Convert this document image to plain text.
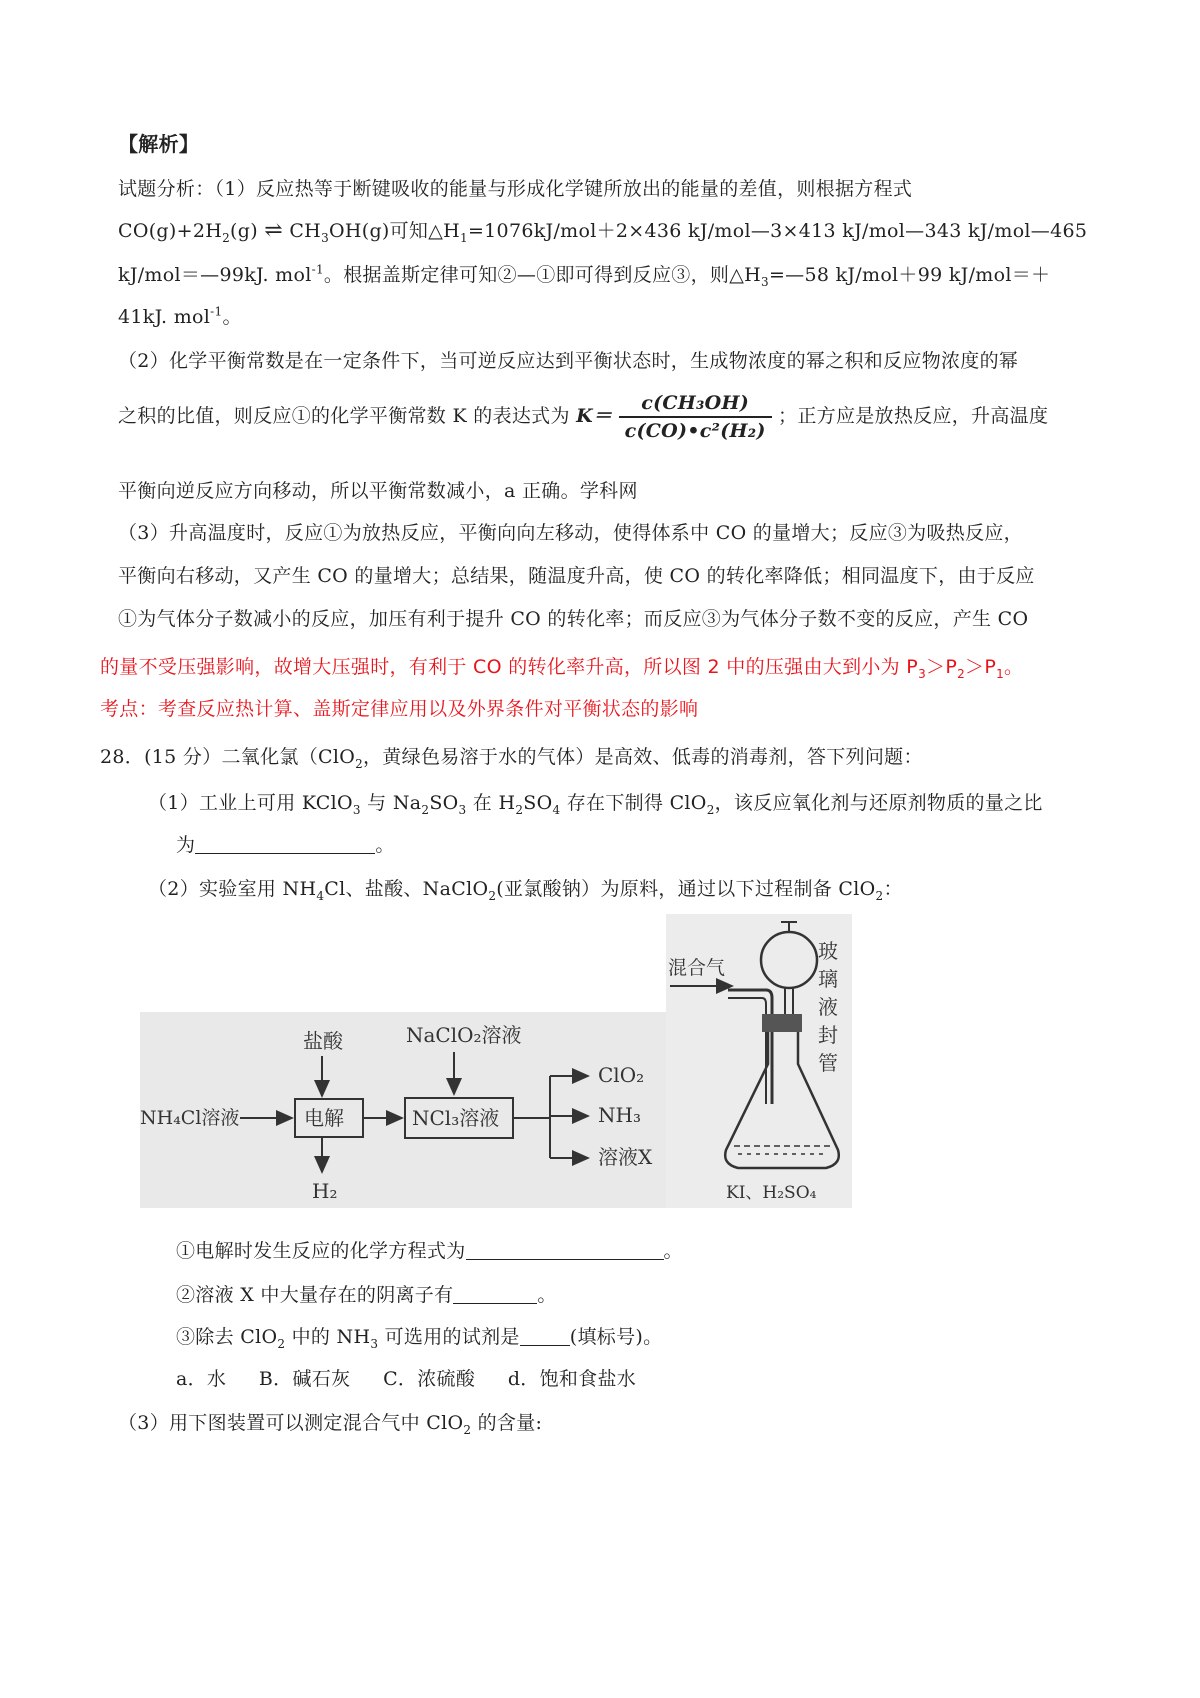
【解析】
试题分析：（1）反应热等于断键吸收的能量与形成化学键所放出的能量的差值，则根据方程式
$CO(g)+2H_2(g)$ ⇌ $CH_3OH(g)$可知$\triangle H_1=1076kJ/mol+2\times 436$ kJ/mol—3×413 kJ/mol—343 kJ/mol—465
kJ/mol＝—99kJ. mol$^{-1}$。根据盖斯定律可知②—①即可得到反应③，则$\triangle H_3=—58$ kJ/mol＋99 kJ/mol＝＋
41kJ. mol$^{-1}$。
（2）化学平衡常数是在一定条件下，当可逆反应达到平衡状态时，生成物浓度的幂之积和反应物浓度的幂
之积的比值，则反应①的化学平衡常数 K 的表达式为 $K= \frac{\text{c(CH₃OH)}}{\text{c(CO)•c²(H₂)}}$ ；正方应是放热反应，升高温度
平衡向逆反应方向移动，所以平衡常数减小，a 正确。学科网
（3）升高温度时，反应①为放热反应，平衡向向左移动，使得体系中 CO 的量增大；反应③为吸热反应，
平衡向右移动，又产生 CO 的量增大；总结果，随温度升高，使 CO 的转化率降低；相同温度下，由于反应
①为气体分子数减小的反应，加压有利于提升 CO 的转化率；而反应③为气体分子数不变的反应，产生 CO
的量不受压强影响，故增大压强时，有利于 CO 的转化率升高，所以图 2 中的压强由大到小为 $P_3>P_2>P_1$。
考点：考查反应热计算、盖斯定律应用以及外界条件对平衡状态的影响
28．(15 分）二氧化氯（ClO$_2$，黄绿色易溶于水的气体）是高效、低毒的消毒剂，答下列问题：
（1）工业上可用 KClO$_3$ 与 $Na_2SO_3$ 在 $H_2SO_4$ 存在下制得 ClO$_2$，该反应氧化剂与还原剂物质的量之比
为	。
（2）实验室用 $NH_4Cl$、盐酸、NaClO$_2$(亚氯酸钠）为原料，通过以下过程制备 ClO$_2$：
盐酸	NaClO₂溶液
NH₄Cl溶液	电解
H₂
NCl₃溶液
ClO₂
NH₃
溶液X
混合气
KI、H₂SO₄
玻
璃
液
封
管
①电解时发生反应的化学方程式为	。
②溶液 X 中大量存在的阴离子有	。
③除去 ClO$_2$ 中的 $NH_3$ 可选用的试剂是	(填标号)。
a．水 B．碱石灰 C．浓硫酸 d．饱和食盐水
（3）用下图装置可以测定混合气中 ClO$_2$ 的含量:
